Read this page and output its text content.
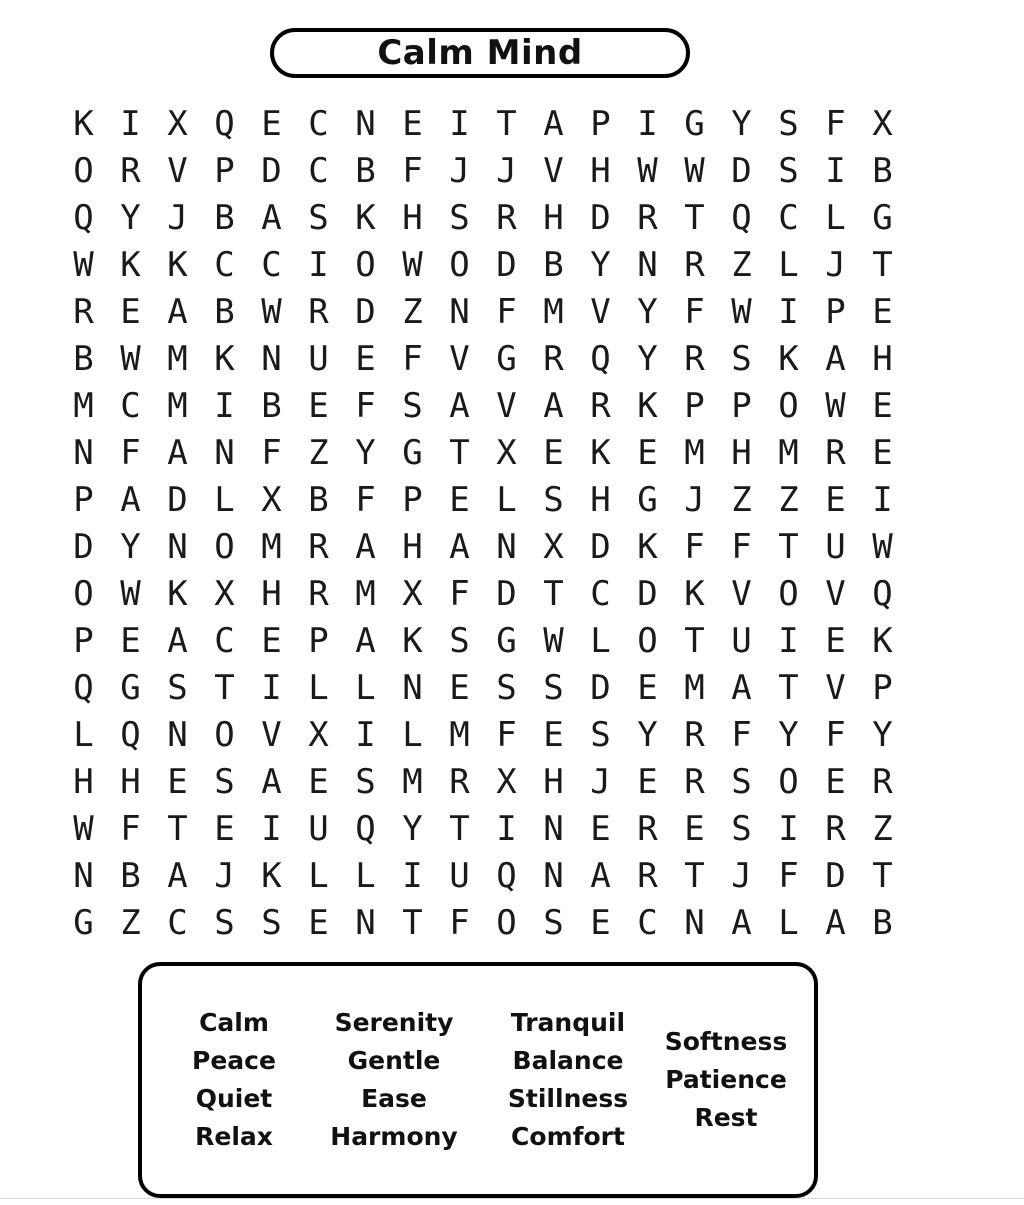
Calm Mind
K I X Q E C N E I T A P I G Y S F X
O R V P D C B F J J V H W W D S I B
Q Y J B A S K H S R H D R T Q C L G
W K K C C I O W O D B Y N R Z L J T
R E A B W R D Z N F M V Y F W I P E
B W M K N U E F V G R Q Y R S K A H
M C M I B E F S A V A R K P P O W E
N F A N F Z Y G T X E K E M H M R E
P A D L X B F P E L S H G J Z Z E I
D Y N O M R A H A N X D K F F T U W
O W K X H R M X F D T C D K V O V Q
P E A C E P A K S G W L O T U I E K
Q G S T I L L N E S S D E M A T V P
L Q N O V X I L M F E S Y R F Y F Y
H H E S A E S M R X H J E R S O E R
W F T E I U Q Y T I N E R E S I R Z
N B A J K L L I U Q N A R T J F D T
G Z C S S E N T F O S E C N A L A B
Calm
Peace
Quiet
Relax
Serenity
Gentle
Ease
Harmony
Tranquil
Balance
Stillness
Comfort
Softness
Patience
Rest
